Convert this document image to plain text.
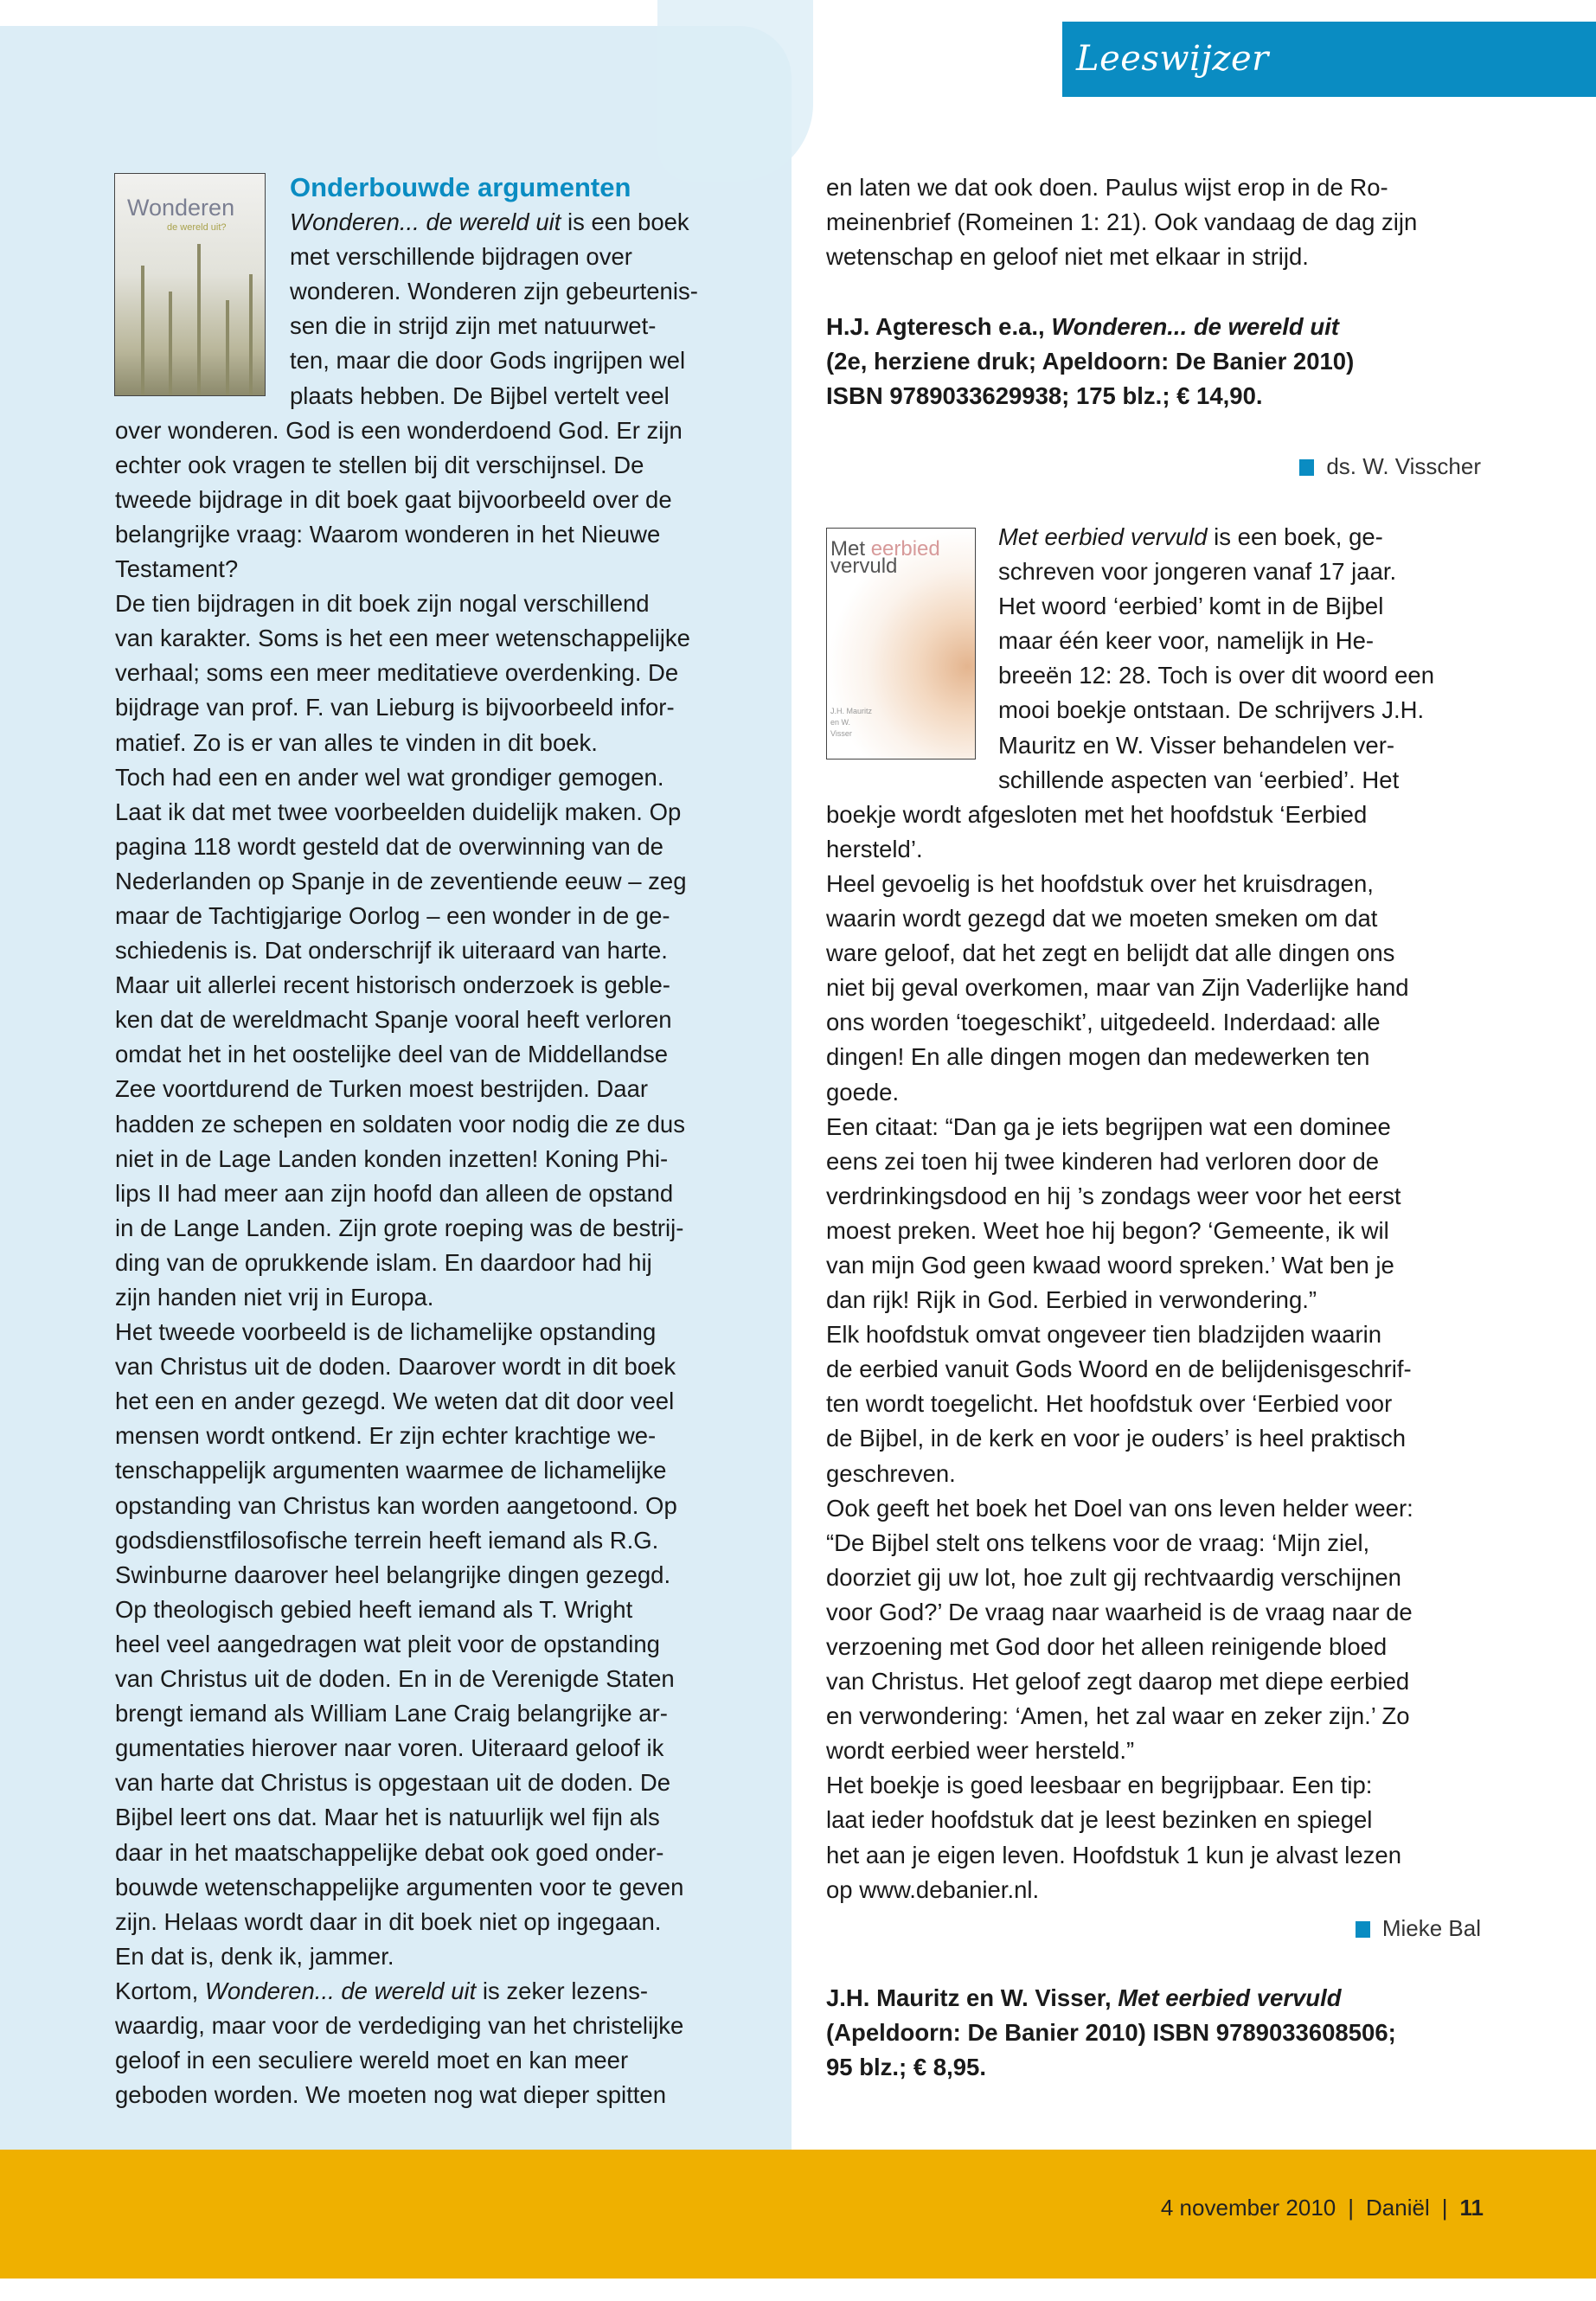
Leeswijzer
Wonderen
de wereld uit?
Met eerbied
vervuld
J.H. Mauritz en W. Visser
Onderbouwde argumenten
Wonderen... de wereld uit is een boek
met verschillende bijdragen over
wonderen. Wonderen zijn gebeurtenis-
sen die in strijd zijn met natuurwet-
ten, maar die door Gods ingrijpen wel
plaats hebben. De Bijbel vertelt veel
over wonderen. God is een wonderdoend God. Er zijn
echter ook vragen te stellen bij dit verschijnsel. De
tweede bijdrage in dit boek gaat bijvoorbeeld over de
belangrijke vraag: Waarom wonderen in het Nieuwe
Testament?
De tien bijdragen in dit boek zijn nogal verschillend
van karakter. Soms is het een meer wetenschappelijke
verhaal; soms een meer meditatieve overdenking. De
bijdrage van prof. F. van Lieburg is bijvoorbeeld infor-
matief. Zo is er van alles te vinden in dit boek.
Toch had een en ander wel wat grondiger gemogen.
Laat ik dat met twee voorbeelden duidelijk maken. Op
pagina 118 wordt gesteld dat de overwinning van de
Nederlanden op Spanje in de zeventiende eeuw – zeg
maar de Tachtigjarige Oorlog – een wonder in de ge-
schiedenis is. Dat onderschrijf ik uiteraard van harte.
Maar uit allerlei recent historisch onderzoek is geble-
ken dat de wereldmacht Spanje vooral heeft verloren
omdat het in het oostelijke deel van de Middellandse
Zee voortdurend de Turken moest bestrijden. Daar
hadden ze schepen en soldaten voor nodig die ze dus
niet in de Lage Landen konden inzetten! Koning Phi-
lips II had meer aan zijn hoofd dan alleen de opstand
in de Lange Landen. Zijn grote roeping was de bestrij-
ding van de oprukkende islam. En daardoor had hij
zijn handen niet vrij in Europa.
Het tweede voorbeeld is de lichamelijke opstanding
van Christus uit de doden. Daarover wordt in dit boek
het een en ander gezegd. We weten dat dit door veel
mensen wordt ontkend. Er zijn echter krachtige we-
tenschappelijk argumenten waarmee de lichamelijke
opstanding van Christus kan worden aangetoond. Op
godsdienstfilosofische terrein heeft iemand als R.G.
Swinburne daarover heel belangrijke dingen gezegd.
Op theologisch gebied heeft iemand als T. Wright
heel veel aangedragen wat pleit voor de opstanding
van Christus uit de doden. En in de Verenigde Staten
brengt iemand als William Lane Craig belangrijke ar-
gumentaties hierover naar voren. Uiteraard geloof ik
van harte dat Christus is opgestaan uit de doden. De
Bijbel leert ons dat. Maar het is natuurlijk wel fijn als
daar in het maatschappelijke debat ook goed onder-
bouwde wetenschappelijke argumenten voor te geven
zijn. Helaas wordt daar in dit boek niet op ingegaan.
En dat is, denk ik, jammer.
Kortom, Wonderen... de wereld uit is zeker lezens-
waardig, maar voor de verdediging van het christelijke
geloof in een seculiere wereld moet en kan meer
geboden worden. We moeten nog wat dieper spitten
en laten we dat ook doen. Paulus wijst erop in de Ro-
meinenbrief (Romeinen 1: 21). Ook vandaag de dag zijn
wetenschap en geloof niet met elkaar in strijd.
H.J. Agteresch e.a., Wonderen... de wereld uit
(2e, herziene druk; Apeldoorn: De Banier 2010)
ISBN 9789033629938; 175 blz.; € 14,90.
ds. W. Visscher
Met eerbied vervuld is een boek, ge-
schreven voor jongeren vanaf 17 jaar.
Het woord ‘eerbied’ komt in de Bijbel
maar één keer voor, namelijk in He-
breeën 12: 28. Toch is over dit woord een
mooi boekje ontstaan. De schrijvers J.H.
Mauritz en W. Visser behandelen ver-
schillende aspecten van ‘eerbied’. Het
boekje wordt afgesloten met het hoofdstuk ‘Eerbied
hersteld’.
Heel gevoelig is het hoofdstuk over het kruisdragen,
waarin wordt gezegd dat we moeten smeken om dat
ware geloof, dat het zegt en belijdt dat alle dingen ons
niet bij geval overkomen, maar van Zijn Vaderlijke hand
ons worden ‘toegeschikt’, uitgedeeld. Inderdaad: alle
dingen! En alle dingen mogen dan medewerken ten
goede.
Een citaat: “Dan ga je iets begrijpen wat een dominee
eens zei toen hij twee kinderen had verloren door de
verdrinkingsdood en hij ’s zondags weer voor het eerst
moest preken. Weet hoe hij begon? ‘Gemeente, ik wil
van mijn God geen kwaad woord spreken.’ Wat ben je
dan rijk! Rijk in God. Eerbied in verwondering.”
Elk hoofdstuk omvat ongeveer tien bladzijden waarin
de eerbied vanuit Gods Woord en de belijdenisgeschrif-
ten wordt toegelicht. Het hoofdstuk over ‘Eerbied voor
de Bijbel, in de kerk en voor je ouders’ is heel praktisch
geschreven.
Ook geeft het boek het Doel van ons leven helder weer:
“De Bijbel stelt ons telkens voor de vraag: ‘Mijn ziel,
doorziet gij uw lot, hoe zult gij rechtvaardig verschijnen
voor God?’ De vraag naar waarheid is de vraag naar de
verzoening met God door het alleen reinigende bloed
van Christus. Het geloof zegt daarop met diepe eerbied
en verwondering: ‘Amen, het zal waar en zeker zijn.’ Zo
wordt eerbied weer hersteld.”
Het boekje is goed leesbaar en begrijpbaar. Een tip:
laat ieder hoofdstuk dat je leest bezinken en spiegel
het aan je eigen leven. Hoofdstuk 1 kun je alvast lezen
op www.debanier.nl.
Mieke Bal
J.H. Mauritz en W. Visser, Met eerbied vervuld
(Apeldoorn: De Banier 2010) ISBN 9789033608506;
95 blz.; € 8,95.
4 november 2010 | Daniël | 11
